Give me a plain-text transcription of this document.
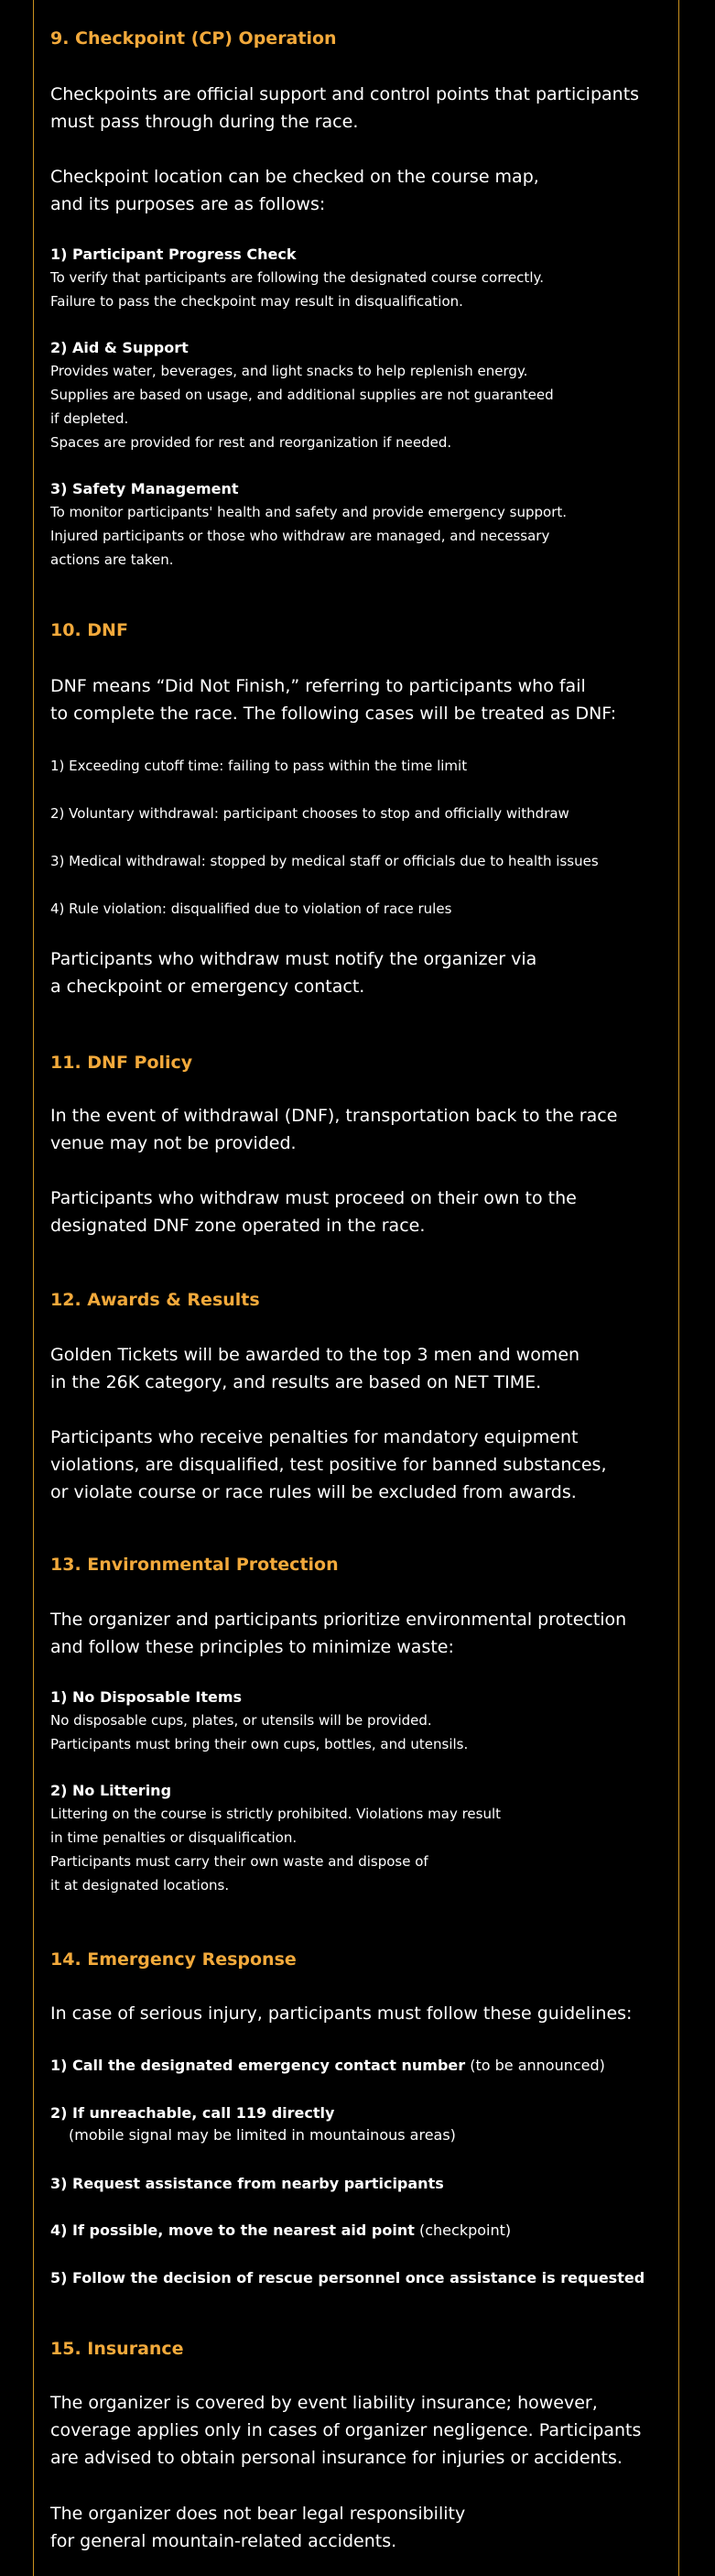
9. Checkpoint (CP) Operation

Checkpoints are official support and control points that participants

must pass through during the race.

Checkpoint location can be checked on the course map,

and its purposes are as follows:

1) Participant Progress Check

To verify that participants are following the designated course correctly.

Failure to pass the checkpoint may result in disqualification.

2) Aid & Support

Provides water, beverages, and light snacks to help replenish energy.

Supplies are based on usage, and additional supplies are not guaranteed

if depleted.

Spaces are provided for rest and reorganization if needed.

3) Safety Management

To monitor participants' health and safety and provide emergency support.

Injured participants or those who withdraw are managed, and necessary

actions are taken.

10. DNF

DNF means “Did Not Finish,” referring to participants who fail

to complete the race. The following cases will be treated as DNF:

1) Exceeding cutoff time: failing to pass within the time limit

2) Voluntary withdrawal: participant chooses to stop and officially withdraw

3) Medical withdrawal: stopped by medical staff or officials due to health issues

4) Rule violation: disqualified due to violation of race rules

Participants who withdraw must notify the organizer via

a checkpoint or emergency contact.

11. DNF Policy

In the event of withdrawal (DNF), transportation back to the race

venue may not be provided.

Participants who withdraw must proceed on their own to the

designated DNF zone operated in the race.

12. Awards & Results

Golden Tickets will be awarded to the top 3 men and women

in the 26K category, and results are based on NET TIME.

Participants who receive penalties for mandatory equipment

violations, are disqualified, test positive for banned substances,

or violate course or race rules will be excluded from awards.

13. Environmental Protection

The organizer and participants prioritize environmental protection

and follow these principles to minimize waste:

1) No Disposable Items

No disposable cups, plates, or utensils will be provided.

Participants must bring their own cups, bottles, and utensils.

2) No Littering

Littering on the course is strictly prohibited. Violations may result

in time penalties or disqualification.

Participants must carry their own waste and dispose of

it at designated locations.

14. Emergency Response

In case of serious injury, participants must follow these guidelines:

1) Call the designated emergency contact number (to be announced)

2) If unreachable, call 119 directly

(mobile signal may be limited in mountainous areas)

3) Request assistance from nearby participants

4) If possible, move to the nearest aid point (checkpoint)

5) Follow the decision of rescue personnel once assistance is requested

15. Insurance

The organizer is covered by event liability insurance; however,

coverage applies only in cases of organizer negligence. Participants

are advised to obtain personal insurance for injuries or accidents.

The organizer does not bear legal responsibility

for general mountain-related accidents.
